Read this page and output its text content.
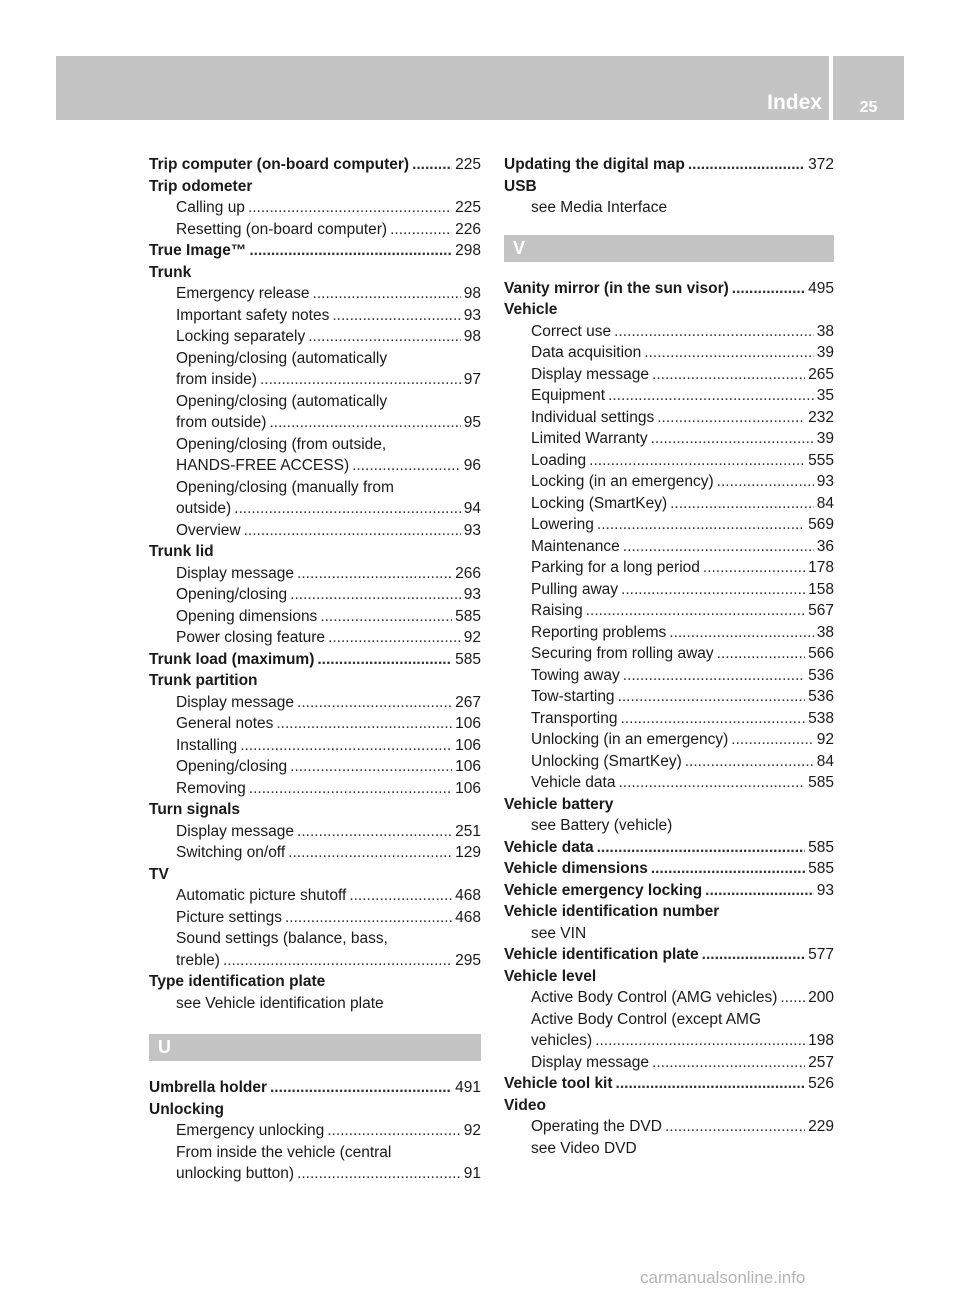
Index	25
Trip computer (on-board computer) .....	225
Trip odometer
Calling up .....	225
Resetting (on-board computer) .....	226
True Image™ .....	298
Trunk
Emergency release .....	98
Important safety notes .....	93
Locking separately .....	98
Opening/closing (automatically
from inside) .....	97
Opening/closing (automatically
from outside) .....	95
Opening/closing (from outside,
HANDS-FREE ACCESS) .....	96
Opening/closing (manually from
outside) .....	94
Overview .....	93
Trunk lid
Display message .....	266
Opening/closing .....	93
Opening dimensions .....	585
Power closing feature .....	92
Trunk load (maximum) .....	585
Trunk partition
Display message .....	267
General notes .....	106
Installing .....	106
Opening/closing .....	106
Removing .....	106
Turn signals
Display message .....	251
Switching on/off .....	129
TV
Automatic picture shutoff .....	468
Picture settings .....	468
Sound settings (balance, bass,
treble) .....	295
Type identification plate
see Vehicle identification plate
U
Umbrella holder .....	491
Unlocking
Emergency unlocking .....	92
From inside the vehicle (central
unlocking button) .....	91
Updating the digital map .....	372
USB
see Media Interface
V
Vanity mirror (in the sun visor) .....	495
Vehicle
Correct use .....	38
Data acquisition .....	39
Display message .....	265
Equipment .....	35
Individual settings .....	232
Limited Warranty .....	39
Loading .....	555
Locking (in an emergency) .....	93
Locking (SmartKey) .....	84
Lowering .....	569
Maintenance .....	36
Parking for a long period .....	178
Pulling away .....	158
Raising .....	567
Reporting problems .....	38
Securing from rolling away .....	566
Towing away .....	536
Tow-starting .....	536
Transporting .....	538
Unlocking (in an emergency) .....	92
Unlocking (SmartKey) .....	84
Vehicle data .....	585
Vehicle battery
see Battery (vehicle)
Vehicle data .....	585
Vehicle dimensions .....	585
Vehicle emergency locking .....	93
Vehicle identification number
see VIN
Vehicle identification plate .....	577
Vehicle level
Active Body Control (AMG vehicles) ..... 200
Active Body Control (except AMG
vehicles) .....	198
Display message .....	257
Vehicle tool kit .....	526
Video
Operating the DVD .....	229
see Video DVD
carmanualsonline.info
